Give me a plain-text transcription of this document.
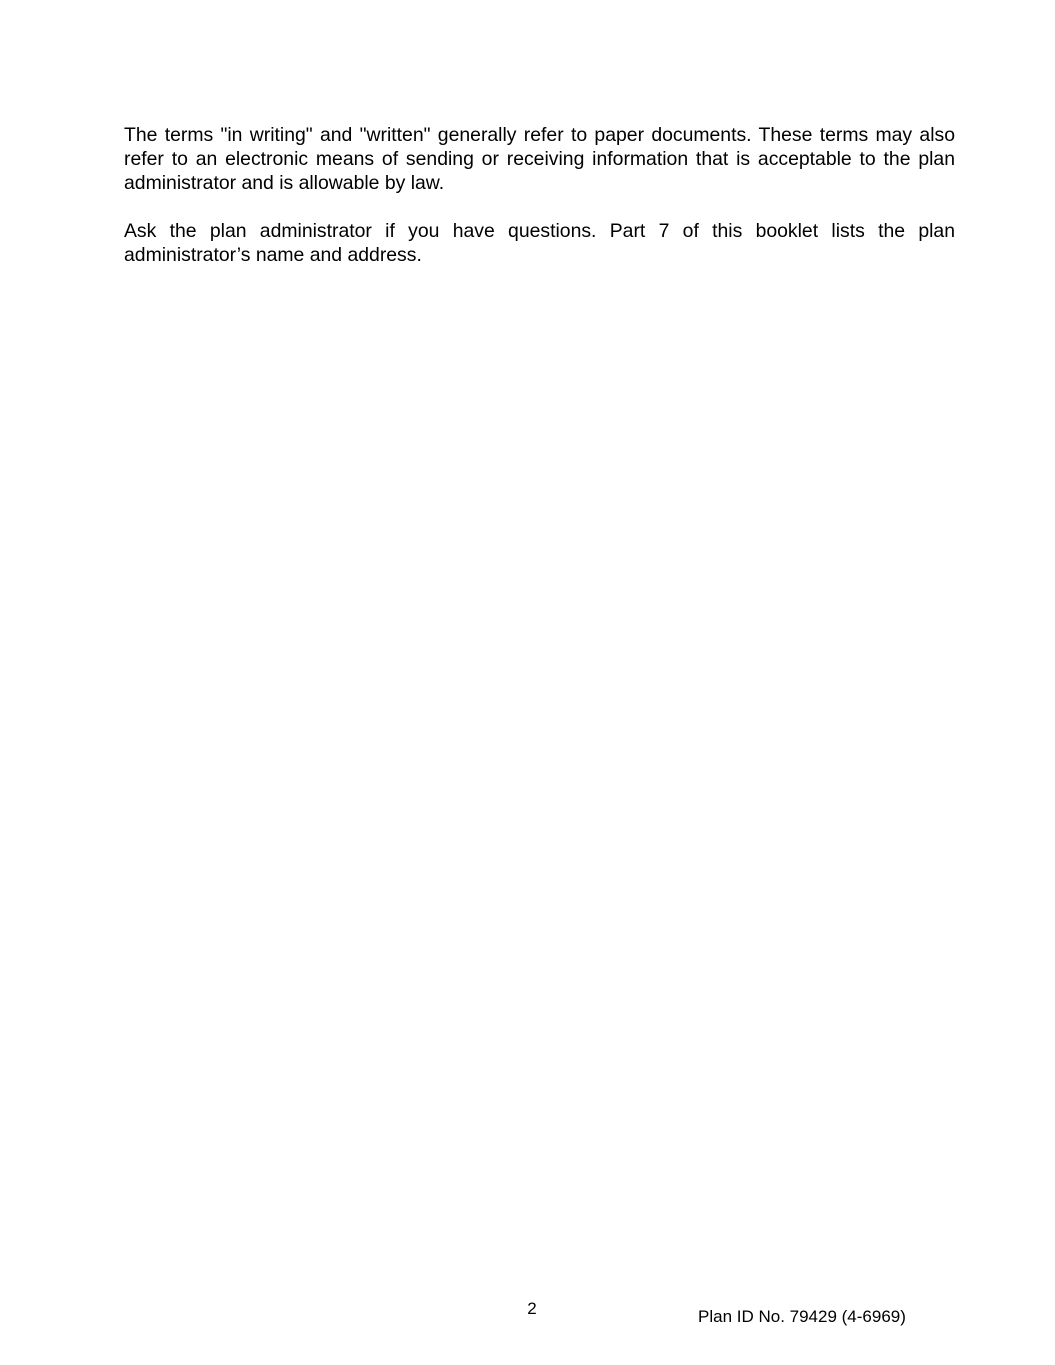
The terms "in writing" and "written" generally refer to paper documents. These terms may also refer to an electronic means of sending or receiving information that is acceptable to the plan administrator and is allowable by law.

Ask the plan administrator if you have questions. Part 7 of this booklet lists the plan administrator’s name and address.

2	Plan ID No. 79429 (4-6969)
